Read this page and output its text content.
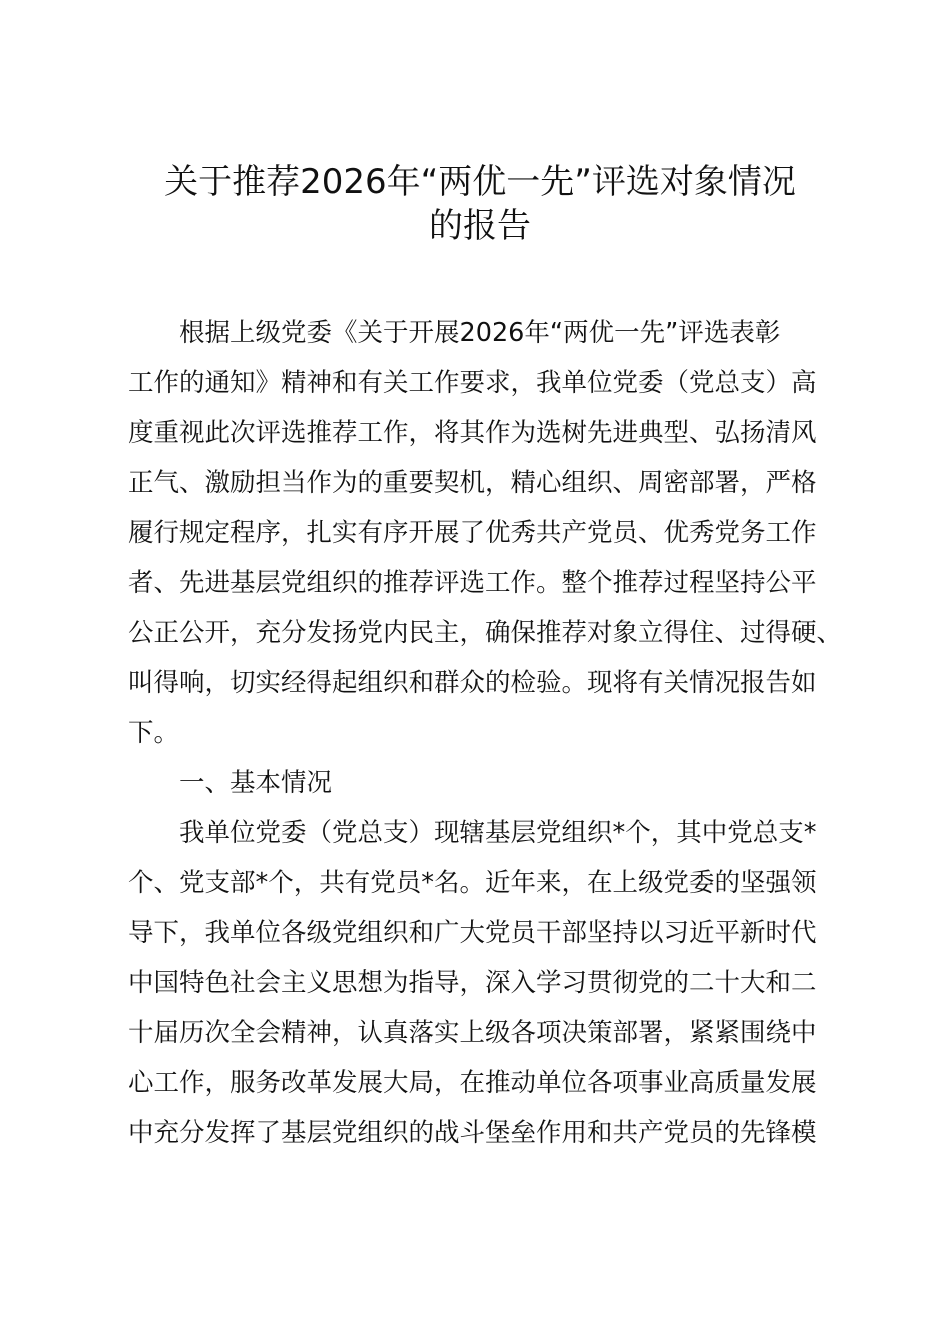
关于推荐2026年“两优一先”评选对象情况
的报告
根据上级党委《关于开展2026年“两优一先”评选表彰
工作的通知》精神和有关工作要求，我单位党委（党总支）高
度重视此次评选推荐工作，将其作为选树先进典型、弘扬清风
正气、激励担当作为的重要契机，精心组织、周密部署，严格
履行规定程序，扎实有序开展了优秀共产党员、优秀党务工作
者、先进基层党组织的推荐评选工作。整个推荐过程坚持公平
公正公开，充分发扬党内民主，确保推荐对象立得住、过得硬、
叫得响，切实经得起组织和群众的检验。现将有关情况报告如
下。
一、基本情况
我单位党委（党总支）现辖基层党组织*个，其中党总支*
个、党支部*个，共有党员*名。近年来，在上级党委的坚强领
导下，我单位各级党组织和广大党员干部坚持以习近平新时代
中国特色社会主义思想为指导，深入学习贯彻党的二十大和二
十届历次全会精神，认真落实上级各项决策部署，紧紧围绕中
心工作，服务改革发展大局，在推动单位各项事业高质量发展
中充分发挥了基层党组织的战斗堡垒作用和共产党员的先锋模
